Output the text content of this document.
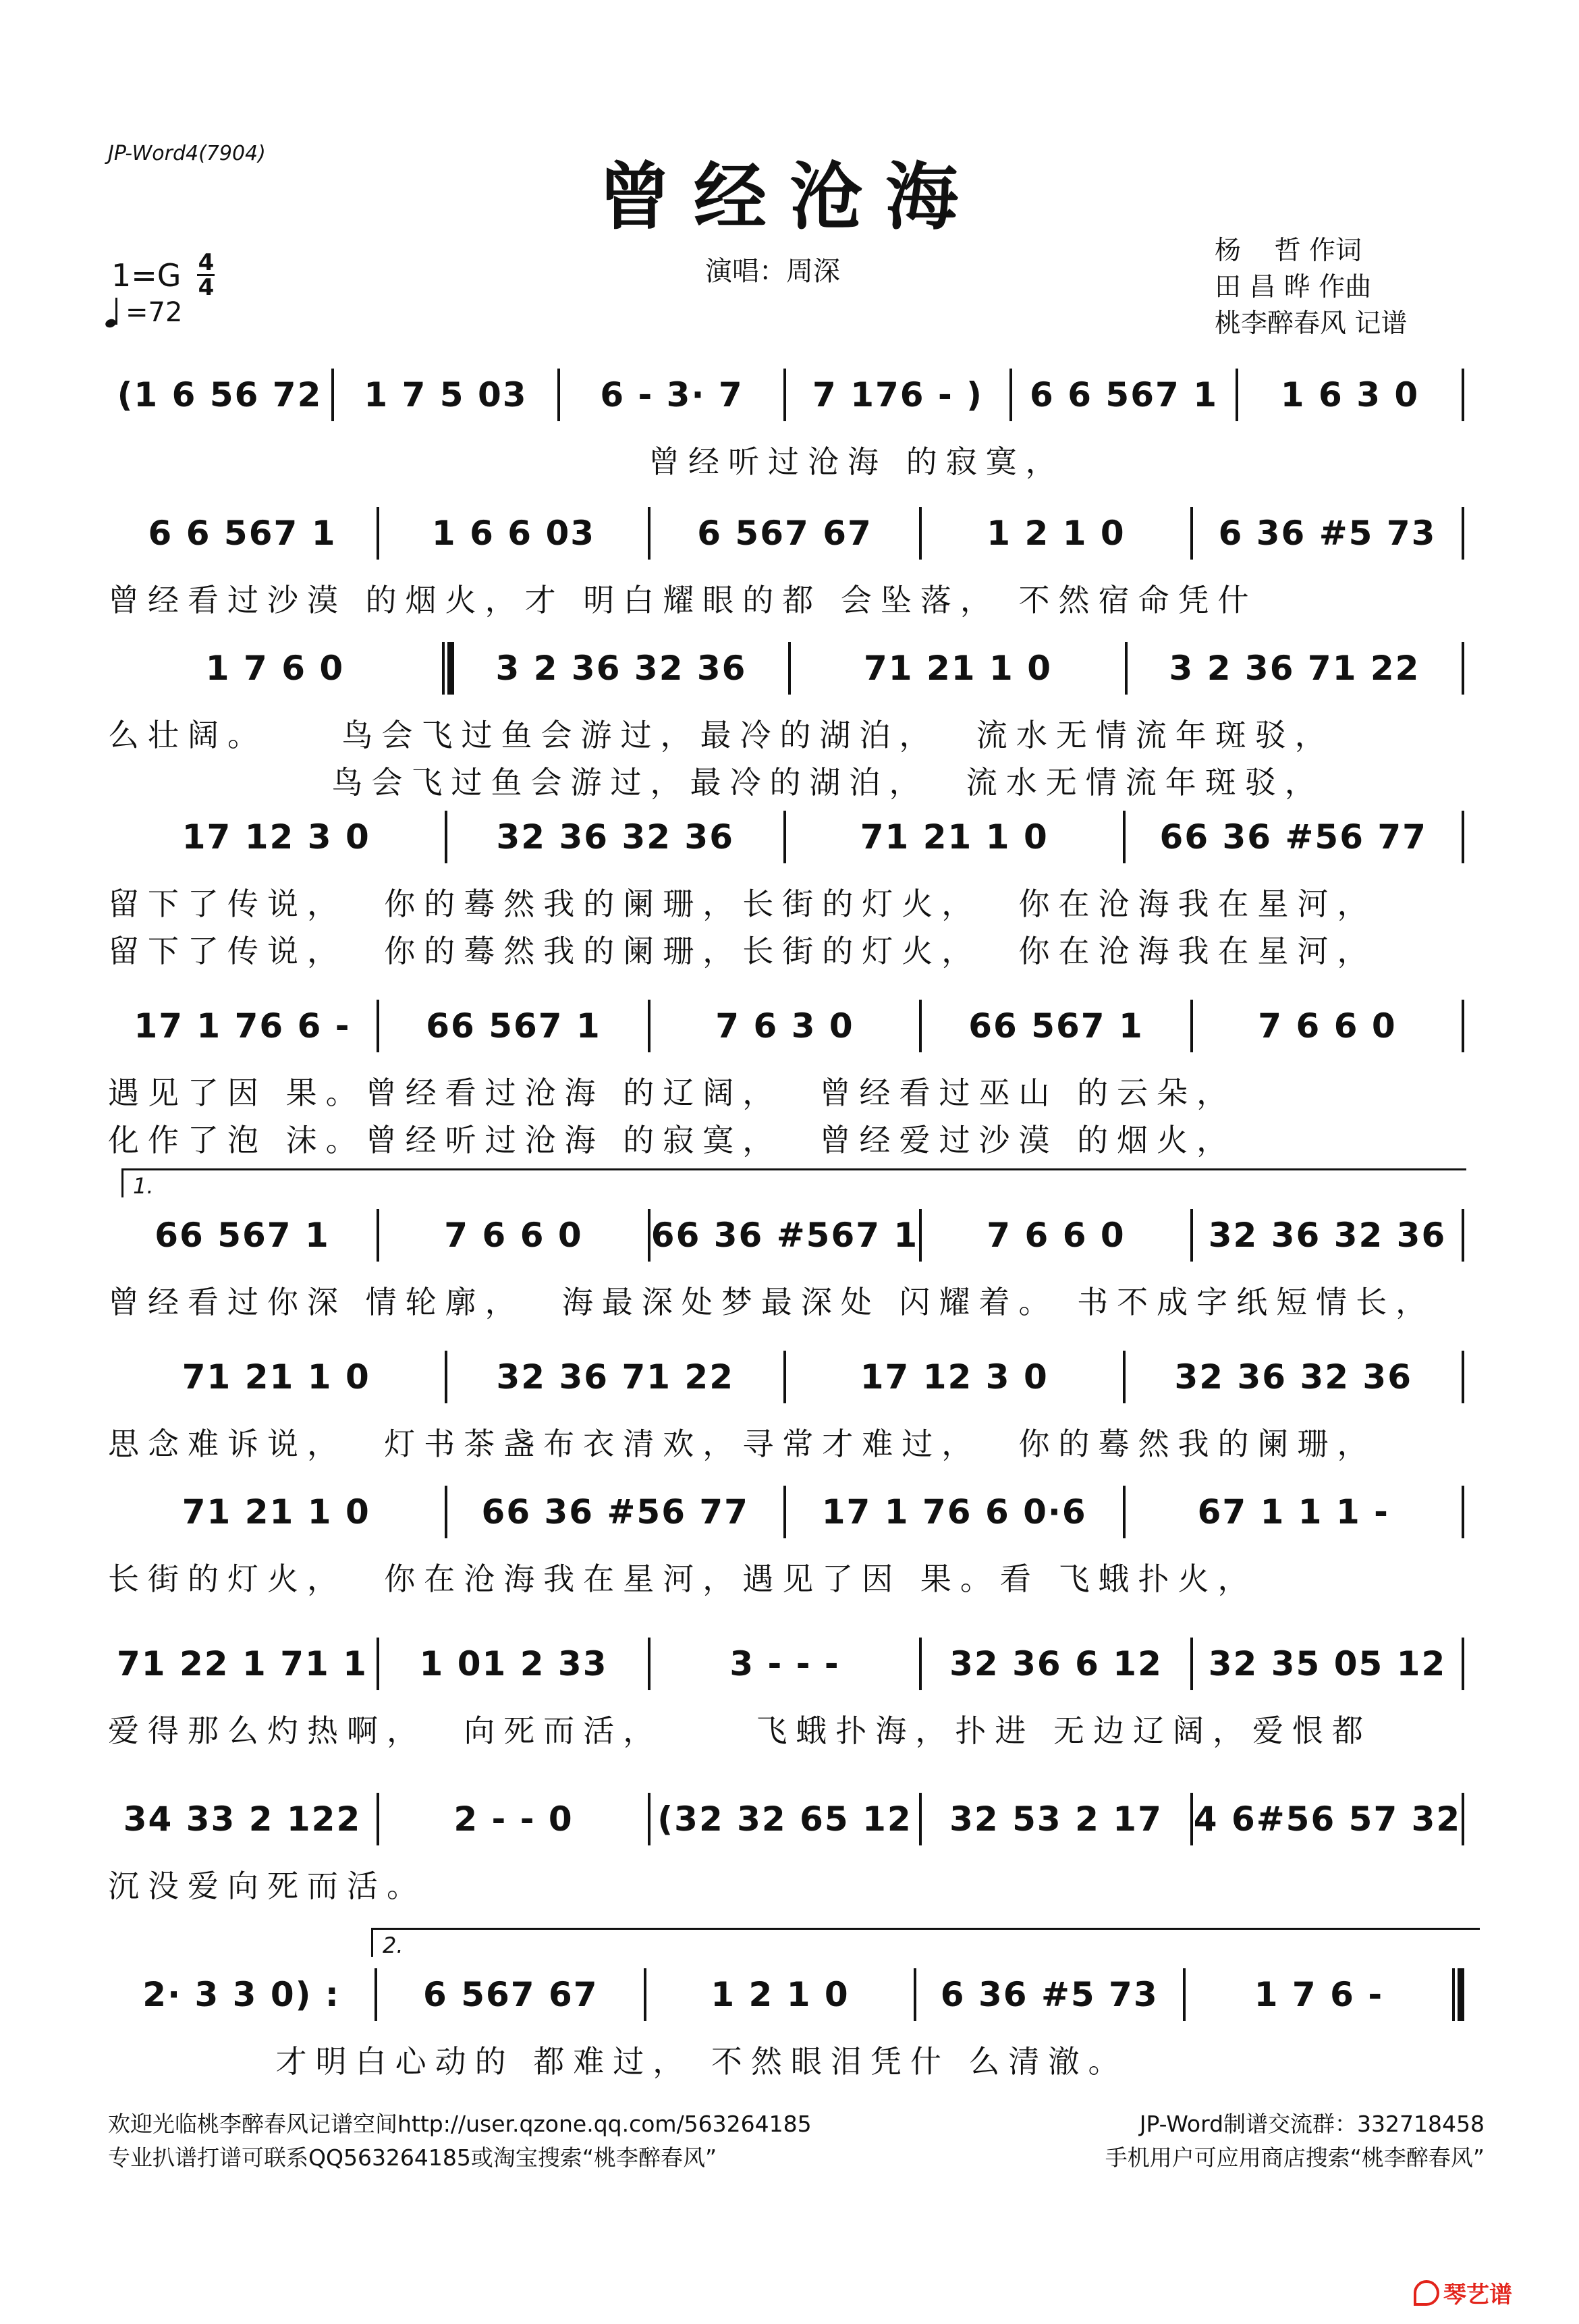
JP-Word4(7904)
曾经沧海
$1=G \frac{4}{4}$
=72
演唱：周深
杨    哲 作词
田 昌 晔 作曲
桃李醉春风 记谱
(1 6 56 72	1 7 5 03	6 - 3· 7	7 176 - )	6 6 567 1	1 6 3 0
曾经听过沧海 的寂寞，
6 6 567 1	1 6 6 03	6 567 67	1 2 1 0	6 36 #5 73
曾经看过沙漠 的烟火，才 明白耀眼的都 会坠落， 不然宿命凭什
1 7 6 0	3 2 36 32 36	71 21 1 0	3 2 36 71 22
么壮阔。    鸟会飞过鱼会游过，最冷的湖泊，  流水无情流年斑驳，
鸟会飞过鱼会游过，最冷的湖泊，  流水无情流年斑驳，
17 12 3 0	32 36 32 36	71 21 1 0	66 36 #56 77
留下了传说，  你的蓦然我的阑珊，长街的灯火，  你在沧海我在星河，
留下了传说，  你的蓦然我的阑珊，长街的灯火，  你在沧海我在星河，
17 1 76 6 -	66 567 1	7 6 3 0	66 567 1	7 6 6 0
遇见了因 果。曾经看过沧海 的辽阔，  曾经看过巫山 的云朵，
化作了泡 沫。曾经听过沧海 的寂寞，  曾经爱过沙漠 的烟火，
1.
66 567 1	7 6 6 0	66 36 #567 1	7 6 6 0	32 36 32 36
曾经看过你深 情轮廓，  海最深处梦最深处 闪耀着。 书不成字纸短情长，
71 21 1 0	32 36 71 22	17 12 3 0	32 36 32 36
思念难诉说，  灯书茶盏布衣清欢，寻常才难过，  你的蓦然我的阑珊，
71 21 1 0	66 36 #56 77	17 1 76 6 0·6	67 1 1 1 -
长街的灯火，  你在沧海我在星河，遇见了因 果。看 飞蛾扑火，
71 22 1 71 1	1 01 2 33	3 - - -	32 36 6 12	32 35 05 12
爱得那么灼热啊，  向死而活，     飞蛾扑海，扑进 无边辽阔，爱恨都
34 33 2 122	2 - - 0	(32 32 65 12	32 53 2 17 4 6#56 57 32
沉没爱向死而活。
2.
2· 3 3 0) :	6 567 67	1 2 1 0	6 36 #5 73	1 7 6 -
才明白心动的 都难过， 不然眼泪凭什 么清澈。
欢迎光临桃李醉春风记谱空间http://user.qzone.qq.com/563264185	JP-Word制谱交流群：332718458
专业扒谱打谱可联系QQ563264185或淘宝搜索“桃李醉春风”	手机用户可应用商店搜索“桃李醉春风”
琴艺谱
